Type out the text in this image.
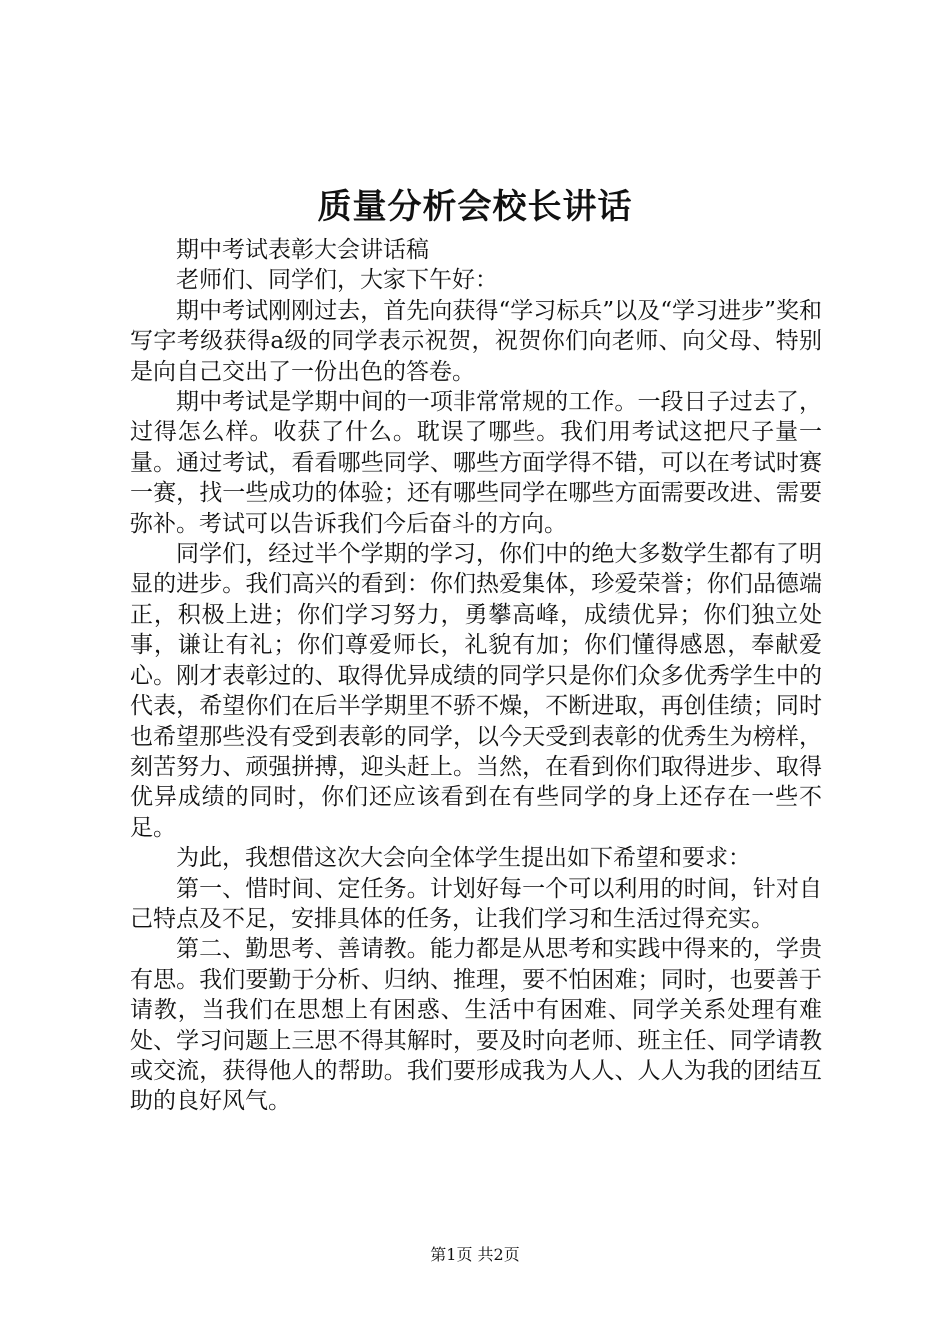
质量分析会校长讲话

期中考试表彰大会讲话稿

老师们、同学们，大家下午好：

期中考试刚刚过去，首先向获得“学习标兵”以及“学习进步”奖和写字考级获得a级的同学表示祝贺，祝贺你们向老师、向父母、特别是向自己交出了一份出色的答卷。

期中考试是学期中间的一项非常常规的工作。一段日子过去了，过得怎么样。收获了什么。耽误了哪些。我们用考试这把尺子量一量。通过考试，看看哪些同学、哪些方面学得不错，可以在考试时赛一赛，找一些成功的体验；还有哪些同学在哪些方面需要改进、需要弥补。考试可以告诉我们今后奋斗的方向。

同学们，经过半个学期的学习，你们中的绝大多数学生都有了明显的进步。我们高兴的看到：你们热爱集体，珍爱荣誉；你们品德端正，积极上进；你们学习努力，勇攀高峰，成绩优异；你们独立处事，谦让有礼；你们尊爱师长，礼貌有加；你们懂得感恩，奉献爱心。刚才表彰过的、取得优异成绩的同学只是你们众多优秀学生中的代表，希望你们在后半学期里不骄不燥，不断进取，再创佳绩；同时也希望那些没有受到表彰的同学，以今天受到表彰的优秀生为榜样，刻苦努力、顽强拼搏，迎头赶上。当然，在看到你们取得进步、取得优异成绩的同时，你们还应该看到在有些同学的身上还存在一些不足。

为此，我想借这次大会向全体学生提出如下希望和要求：

第一、惜时间、定任务。计划好每一个可以利用的时间，针对自己特点及不足，安排具体的任务，让我们学习和生活过得充实。

第二、勤思考、善请教。能力都是从思考和实践中得来的，学贵有思。我们要勤于分析、归纳、推理，要不怕困难；同时，也要善于请教，当我们在思想上有困惑、生活中有困难、同学关系处理有难处、学习问题上三思不得其解时，要及时向老师、班主任、同学请教或交流，获得他人的帮助。我们要形成我为人人、人人为我的团结互助的良好风气。

第1页 共2页
